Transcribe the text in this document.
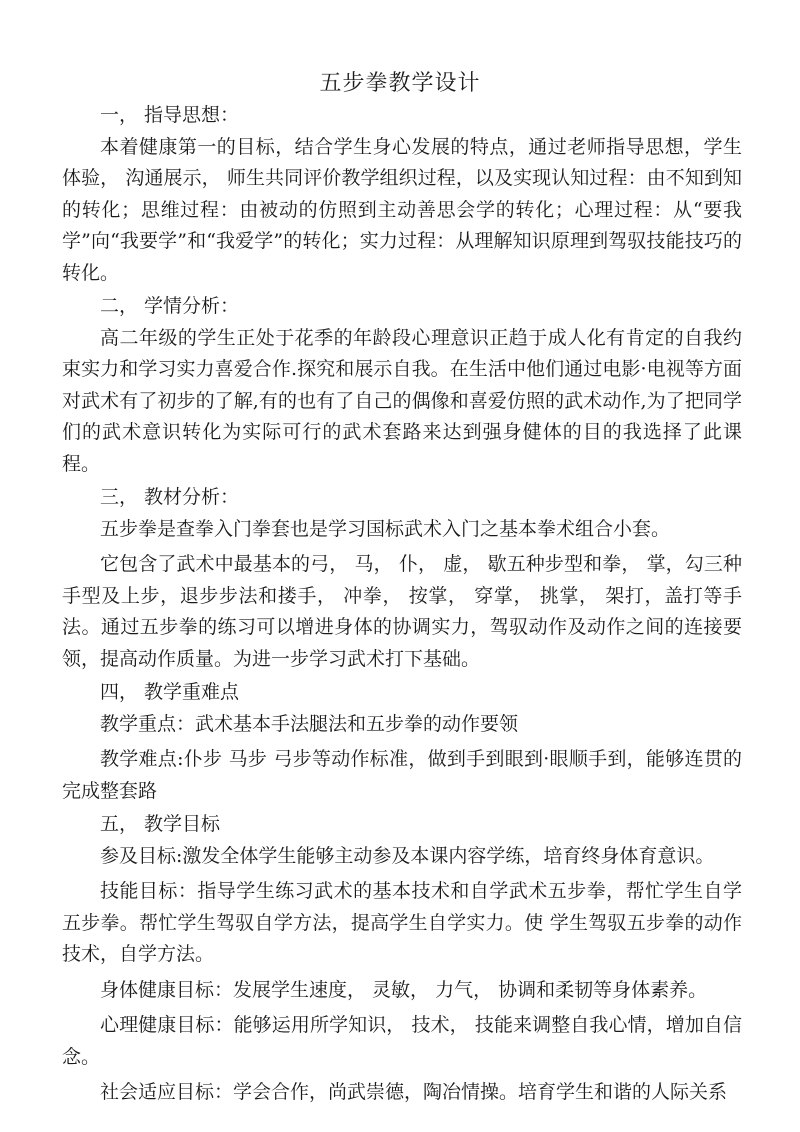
五步拳教学设计

一， 指导思想：

本着健康第一的目标，结合学生身心发展的特点，通过老师指导思想，学生体验， 沟通展示， 师生共同评价教学组织过程，以及实现认知过程：由不知到知的转化；思维过程：由被动的仿照到主动善思会学的转化；心理过程：从“要我学”向“我要学”和“我爱学”的转化；实力过程：从理解知识原理到驾驭技能技巧的转化。

二， 学情分析：

高二年级的学生正处于花季的年龄段心理意识正趋于成人化有肯定的自我约束实力和学习实力喜爱合作.探究和展示自我。在生活中他们通过电影·电视等方面对武术有了初步的了解,有的也有了自己的偶像和喜爱仿照的武术动作,为了把同学们的武术意识转化为实际可行的武术套路来达到强身健体的目的我选择了此课程。

三， 教材分析：

五步拳是查拳入门拳套也是学习国标武术入门之基本拳术组合小套。

它包含了武术中最基本的弓， 马， 仆， 虚， 歇五种步型和拳， 掌，勾三种手型及上步，退步步法和搂手， 冲拳， 按掌， 穿掌， 挑掌， 架打，盖打等手法。通过五步拳的练习可以增进身体的协调实力，驾驭动作及动作之间的连接要领，提高动作质量。为进一步学习武术打下基础。

四， 教学重难点

教学重点：武术基本手法腿法和五步拳的动作要领

教学难点:仆步 马步 弓步等动作标准，做到手到眼到·眼顺手到，能够连贯的完成整套路

五， 教学目标

参及目标:激发全体学生能够主动参及本课内容学练，培育终身体育意识。

技能目标：指导学生练习武术的基本技术和自学武术五步拳，帮忙学生自学五步拳。帮忙学生驾驭自学方法，提高学生自学实力。使 学生驾驭五步拳的动作技术，自学方法。

身体健康目标：发展学生速度， 灵敏， 力气， 协调和柔韧等身体素养。

心理健康目标：能够运用所学知识， 技术， 技能来调整自我心情，增加自信念。

社会适应目标：学会合作，尚武崇德，陶冶情操。培育学生和谐的人际关系
